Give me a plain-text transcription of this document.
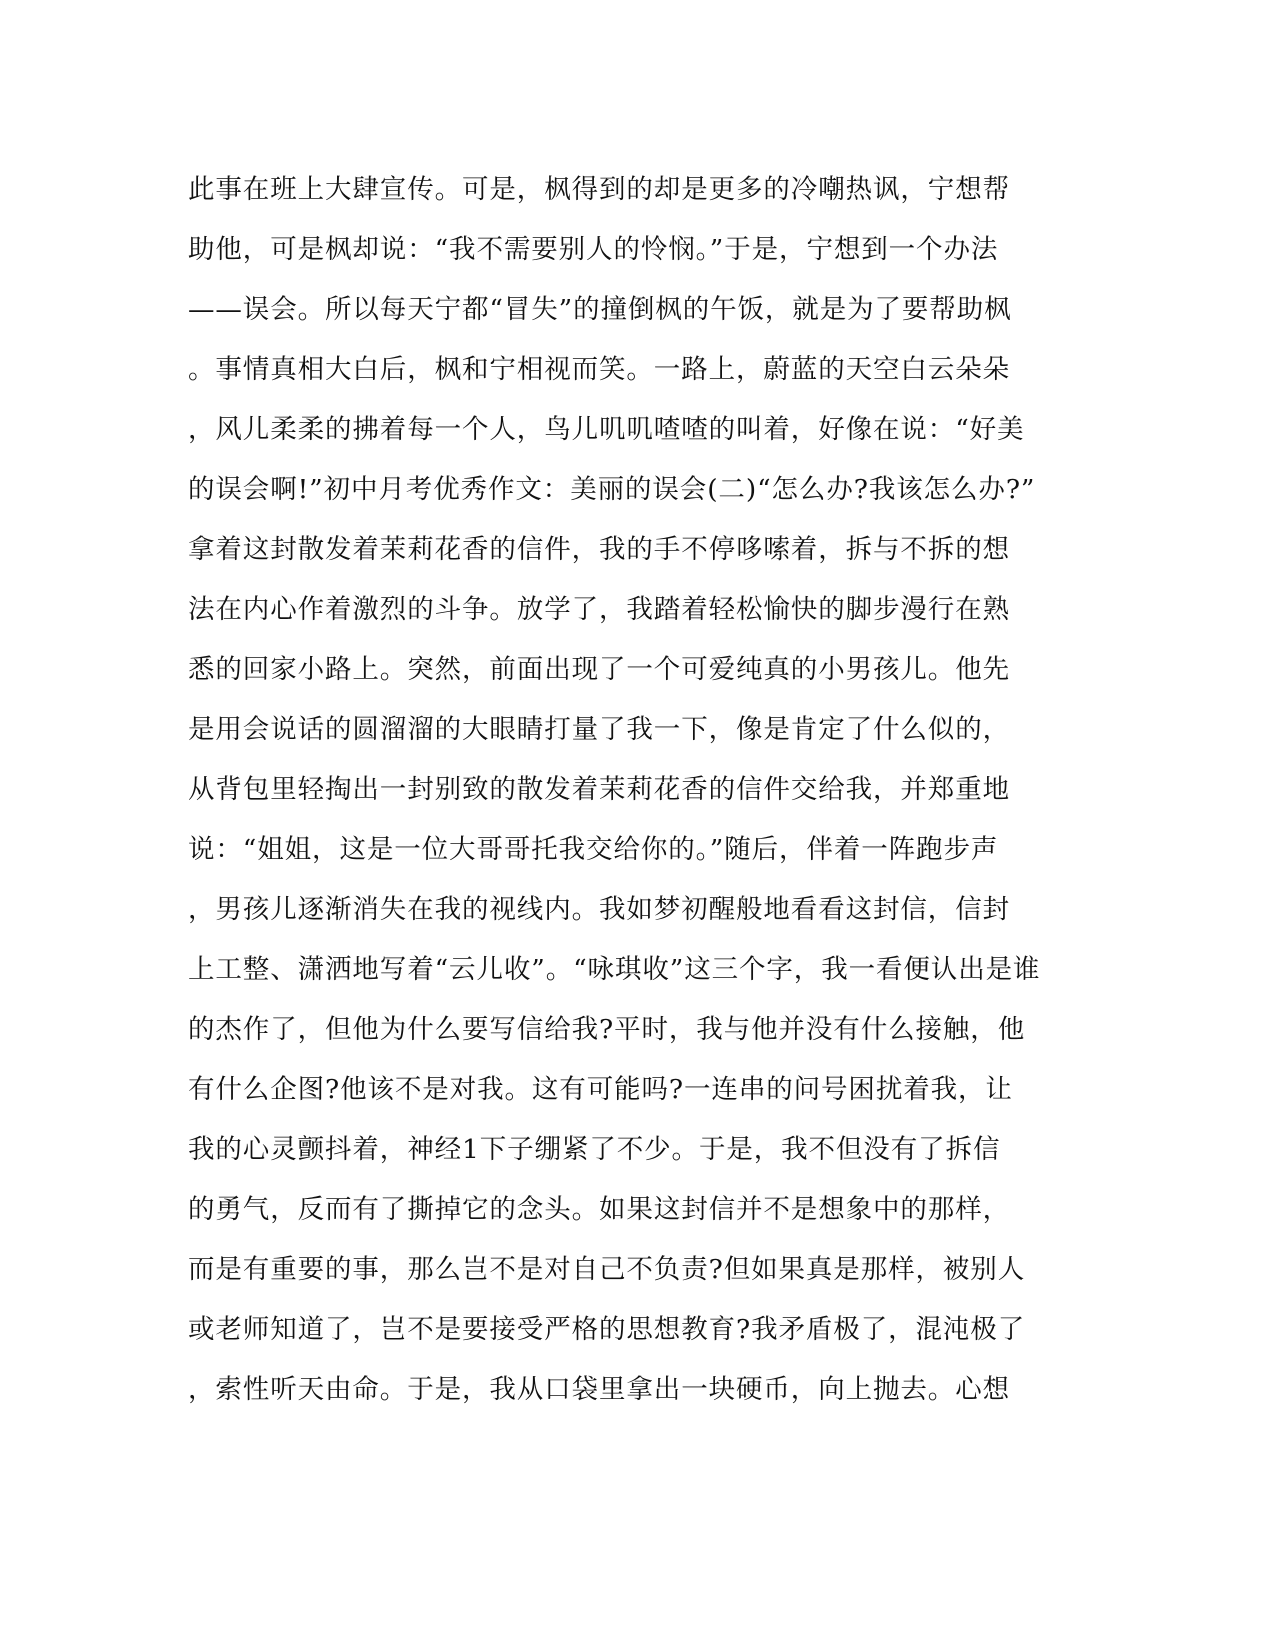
此事在班上大肆宣传。可是，枫得到的却是更多的冷嘲热讽，宁想帮
助他，可是枫却说：“我不需要别人的怜悯。”于是，宁想到一个办法
——误会。所以每天宁都“冒失”的撞倒枫的午饭，就是为了要帮助枫
。事情真相大白后，枫和宁相视而笑。一路上，蔚蓝的天空白云朵朵
，风儿柔柔的拂着每一个人，鸟儿叽叽喳喳的叫着，好像在说：“好美
的误会啊!”初中月考优秀作文：美丽的误会(二)“怎么办?我该怎么办?”
拿着这封散发着茉莉花香的信件，我的手不停哆嗦着，拆与不拆的想
法在内心作着激烈的斗争。放学了，我踏着轻松愉快的脚步漫行在熟
悉的回家小路上。突然，前面出现了一个可爱纯真的小男孩儿。他先
是用会说话的圆溜溜的大眼睛打量了我一下，像是肯定了什么似的，
从背包里轻掏出一封别致的散发着茉莉花香的信件交给我，并郑重地
说：“姐姐，这是一位大哥哥托我交给你的。”随后，伴着一阵跑步声
，男孩儿逐渐消失在我的视线内。我如梦初醒般地看看这封信，信封
上工整、潇洒地写着“云儿收”。“咏琪收”这三个字，我一看便认出是谁
的杰作了，但他为什么要写信给我?平时，我与他并没有什么接触，他
有什么企图?他该不是对我。这有可能吗?一连串的问号困扰着我，让
我的心灵颤抖着，神经1下子绷紧了不少。于是，我不但没有了拆信
的勇气，反而有了撕掉它的念头。如果这封信并不是想象中的那样，
而是有重要的事，那么岂不是对自己不负责?但如果真是那样，被别人
或老师知道了，岂不是要接受严格的思想教育?我矛盾极了，混沌极了
，索性听天由命。于是，我从口袋里拿出一块硬币，向上抛去。心想
